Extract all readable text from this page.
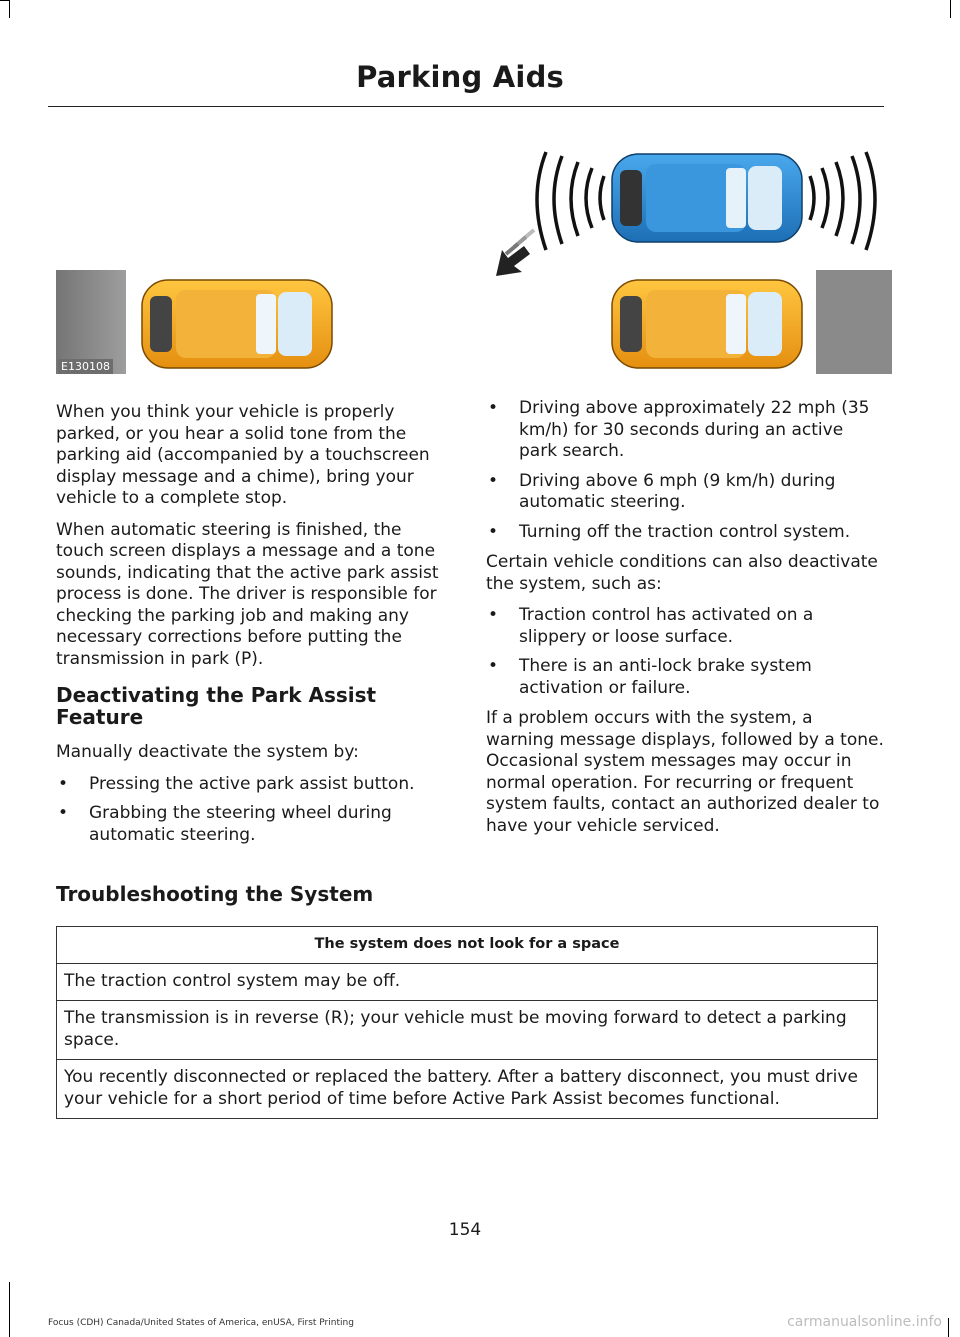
Parking Aids
E130108

When you think your vehicle is properly parked, or you hear a solid tone from the parking aid (accompanied by a touchscreen display message and a chime), bring your vehicle to a complete stop.

When automatic steering is finished, the touch screen displays a message and a tone sounds, indicating that the active park assist process is done. The driver is responsible for checking the parking job and making any necessary corrections before putting the transmission in park (P).

Deactivating the Park Assist Feature

Manually deactivate the system by:

• Pressing the active park assist button.
• Grabbing the steering wheel during automatic steering.
• Driving above approximately 22 mph (35 km/h) for 30 seconds during an active park search.
• Driving above 6 mph (9 km/h) during automatic steering.
• Turning off the traction control system.

Certain vehicle conditions can also deactivate the system, such as:

• Traction control has activated on a slippery or loose surface.
• There is an anti-lock brake system activation or failure.

If a problem occurs with the system, a warning message displays, followed by a tone. Occasional system messages may occur in normal operation. For recurring or frequent system faults, contact an authorized dealer to have your vehicle serviced.

Troubleshooting the System
The system does not look for a space
The traction control system may be off.
The transmission is in reverse (R); your vehicle must be moving forward to detect a parking space.
You recently disconnected or replaced the battery. After a battery disconnect, you must drive your vehicle for a short period of time before Active Park Assist becomes functional.
154
Focus (CDH) Canada/United States of America, enUSA, First Printing	carmanualsonline.info
